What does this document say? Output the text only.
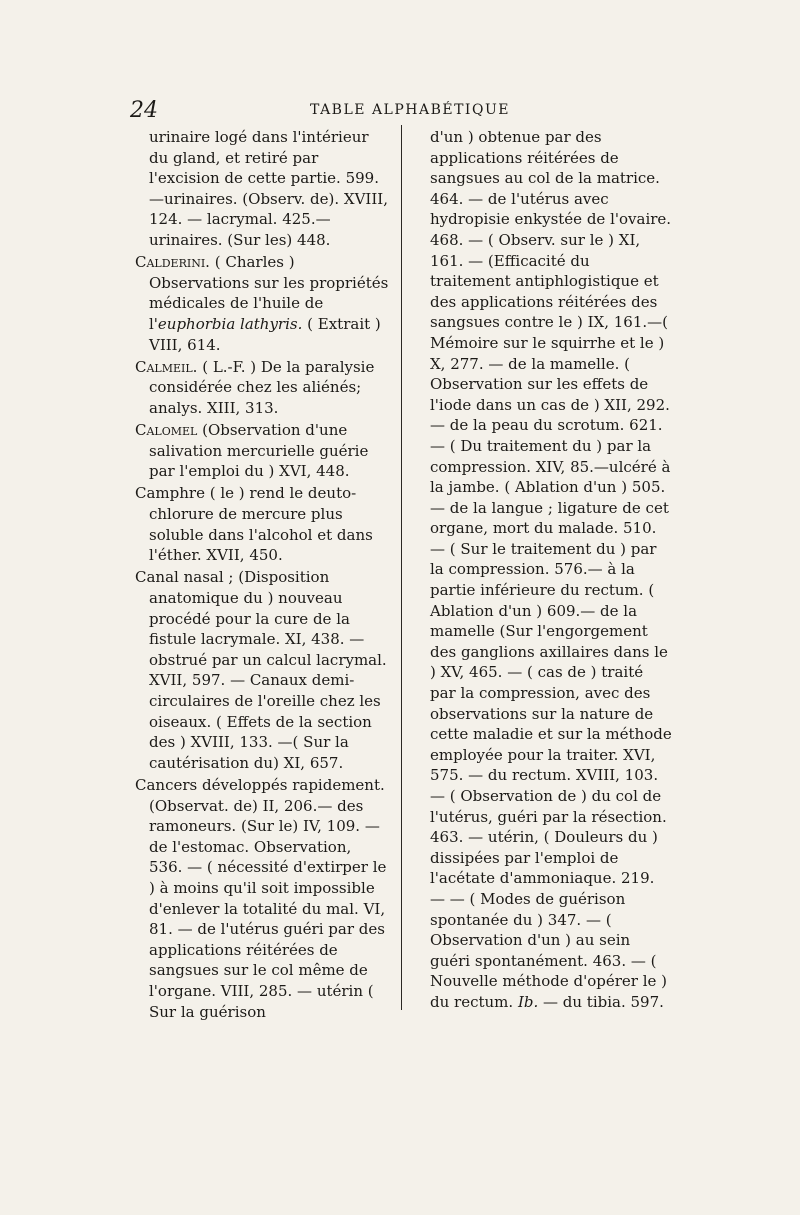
24	TABLE ALPHABÉTIQUE

urinaire logé dans l'intérieur du gland, et retiré par l'excision de cette partie. 599.—urinaires. (Observ. de). XVIII, 124. — lacrymal. 425.—urinaires. (Sur les) 448.

Calderini. ( Charles ) Observations sur les propriétés médicales de l'huile de l'euphorbia lathyris. ( Extrait ) VIII, 614.

Calmeil. ( L.-F. ) De la paralysie considérée chez les aliénés; analys. XIII, 313.

Calomel (Observation d'une salivation mercurielle guérie par l'emploi du ) XVI, 448.

Camphre ( le ) rend le deuto-chlorure de mercure plus soluble dans l'alcohol et dans l'éther. XVII, 450.

Canal nasal ; (Disposition anatomique du ) nouveau procédé pour la cure de la fistule lacrymale. XI, 438. — obstrué par un calcul lacrymal. XVII, 597. — Canaux demi-circulaires de l'oreille chez les oiseaux. ( Effets de la section des ) XVIII, 133. —( Sur la cautérisation du) XI, 657.

Cancers développés rapidement. (Observat. de) II, 206.— des ramoneurs. (Sur le) IV, 109. —de l'estomac. Observation, 536. — ( nécessité d'extirper le ) à moins qu'il soit impossible d'enlever la totalité du mal. VI, 81. — de l'utérus guéri par des applications réitérées de sangsues sur le col même de l'organe. VIII, 285. — utérin ( Sur la guérison

d'un ) obtenue par des applications réitérées de sangsues au col de la matrice. 464. — de l'utérus avec hydropisie enkystée de l'ovaire. 468. — ( Observ. sur le ) XI, 161. — (Efficacité du traitement antiphlogistique et des applications réitérées des sangsues contre le ) IX, 161.—( Mémoire sur le squirrhe et le ) X, 277. — de la mamelle. ( Observation sur les effets de l'iode dans un cas de ) XII, 292. — de la peau du scrotum. 621. — ( Du traitement du ) par la compression. XIV, 85.—ulcéré à la jambe. ( Ablation d'un ) 505. — de la langue ; ligature de cet organe, mort du malade. 510. — ( Sur le traitement du ) par la compression. 576.— à la partie inférieure du rectum. ( Ablation d'un ) 609.— de la mamelle (Sur l'engorgement des ganglions axillaires dans le ) XV, 465. — ( cas de ) traité par la compression, avec des observations sur la nature de cette maladie et sur la méthode employée pour la traiter. XVI, 575. — du rectum. XVIII, 103. — ( Observation de ) du col de l'utérus, guéri par la résection. 463. — utérin, ( Douleurs du ) dissipées par l'emploi de l'acétate d'ammoniaque. 219. — — ( Modes de guérison spontanée du ) 347. — ( Observation d'un ) au sein guéri spontanément. 463. — ( Nouvelle méthode d'opérer le ) du rectum. Ib. — du tibia. 597.
